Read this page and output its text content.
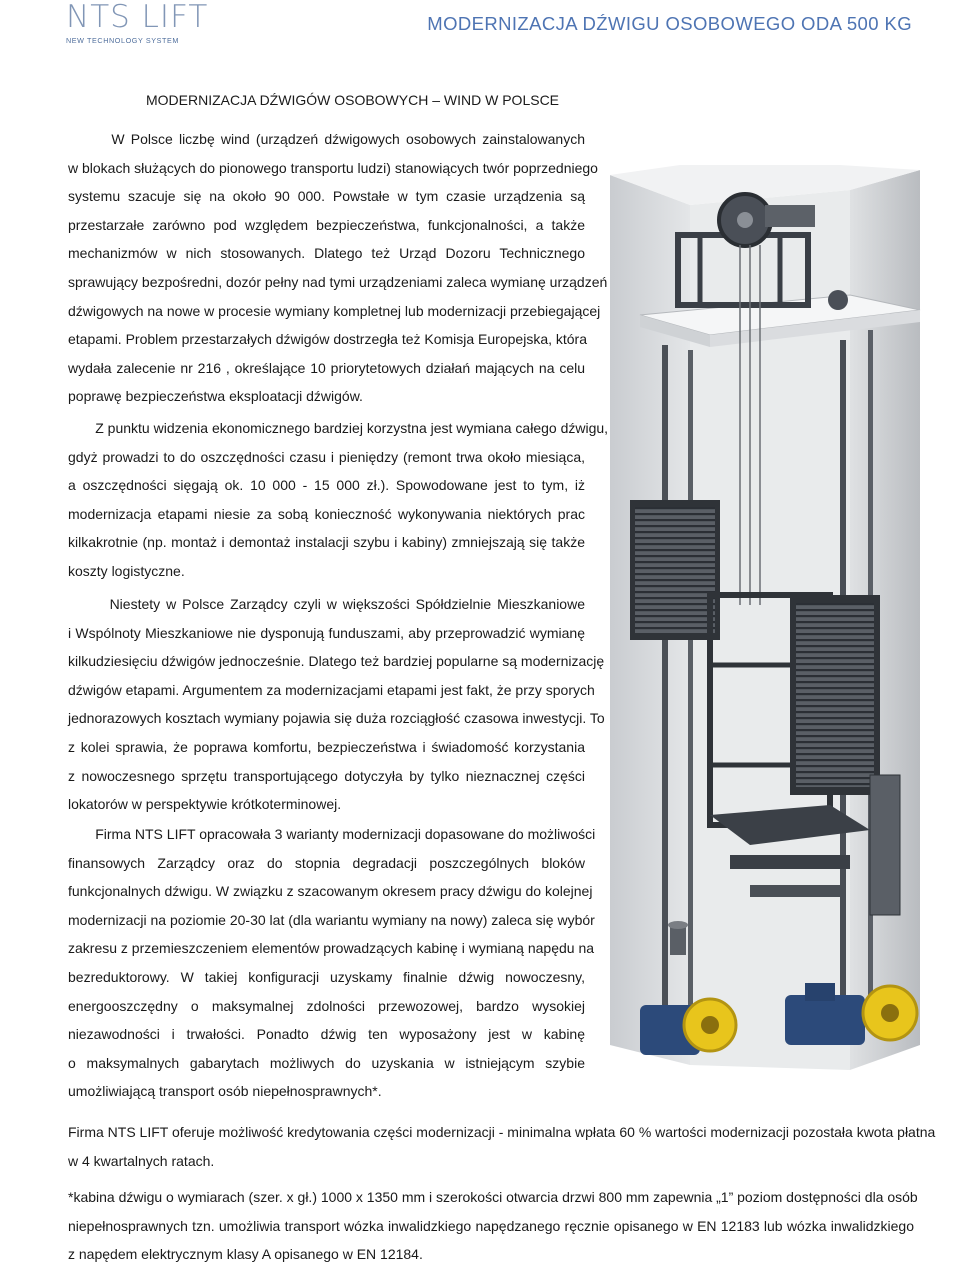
NTS LIFT
NEW TECHNOLOGY SYSTEM
MODERNIZACJA DŹWIGU OSOBOWEGO ODA 500 KG
MODERNIZACJA DŹWIGÓW OSOBOWYCH – WIND W POLSCE
W Polsce liczbę wind (urządzeń dźwigowych osobowych zainstalowanych
w blokach służących do pionowego transportu ludzi) stanowiących twór poprzedniego
systemu szacuje się na około 90 000. Powstałe w tym czasie urządzenia są
przestarzałe zarówno pod względem bezpieczeństwa, funkcjonalności, a także
mechanizmów w nich stosowanych. Dlatego też Urząd Dozoru Technicznego
sprawujący bezpośredni, dozór pełny nad tymi urządzeniami zaleca wymianę urządzeń
dźwigowych na nowe w procesie wymiany kompletnej lub modernizacji przebiegającej
etapami. Problem przestarzałych dźwigów dostrzegła też Komisja Europejska, która
wydała zalecenie nr 216 , określające 10 priorytetowych działań mających na celu
poprawę bezpieczeństwa eksploatacji dźwigów.
Z punktu widzenia ekonomicznego bardziej korzystna jest wymiana całego dźwigu,
gdyż prowadzi to do oszczędności czasu i pieniędzy (remont trwa około miesiąca,
a oszczędności sięgają ok. 10 000 - 15 000 zł.). Spowodowane jest to tym, iż
modernizacja etapami niesie za sobą konieczność wykonywania niektórych prac
kilkakrotnie (np. montaż i demontaż instalacji szybu i kabiny) zmniejszają się także
koszty logistyczne.
Niestety w Polsce Zarządcy czyli w większości Spółdzielnie Mieszkaniowe
i Wspólnoty Mieszkaniowe nie dysponują funduszami, aby przeprowadzić wymianę
kilkudziesięciu dźwigów jednocześnie. Dlatego też bardziej popularne są modernizację
dźwigów etapami. Argumentem za modernizacjami etapami jest fakt, że przy sporych
jednorazowych kosztach wymiany pojawia się duża rozciągłość czasowa inwestycji. To
z kolei sprawia, że poprawa komfortu, bezpieczeństwa i świadomość korzystania
z nowoczesnego sprzętu transportującego dotyczyła by tylko nieznacznej części
lokatorów w perspektywie krótkoterminowej.
Firma NTS LIFT opracowała 3 warianty modernizacji dopasowane do możliwości
finansowych Zarządcy oraz do stopnia degradacji poszczególnych bloków
funkcjonalnych dźwigu. W związku z szacowanym okresem pracy dźwigu do kolejnej
modernizacji na poziomie 20-30 lat (dla wariantu wymiany na nowy) zaleca się wybór
zakresu z przemieszczeniem elementów prowadzących kabinę i wymianą napędu na
bezreduktorowy. W takiej konfiguracji uzyskamy finalnie dźwig nowoczesny,
energooszczędny o maksymalnej zdolności przewozowej, bardzo wysokiej
niezawodności i trwałości. Ponadto dźwig ten wyposażony jest w kabinę
o maksymalnych gabarytach możliwych do uzyskania w istniejącym szybie
umożliwiającą transport osób niepełnosprawnych*.
Firma NTS LIFT oferuje możliwość kredytowania części modernizacji - minimalna wpłata 60 % wartości modernizacji pozostała kwota płatna
w 4 kwartalnych ratach.
*kabina dźwigu o wymiarach (szer. x gł.) 1000 x 1350 mm i szerokości otwarcia drzwi 800 mm zapewnia „1” poziom dostępności dla osób
niepełnosprawnych tzn. umożliwia transport wózka inwalidzkiego napędzanego ręcznie opisanego w EN 12183 lub wózka inwalidzkiego
z napędem elektrycznym klasy A opisanego w EN 12184.
